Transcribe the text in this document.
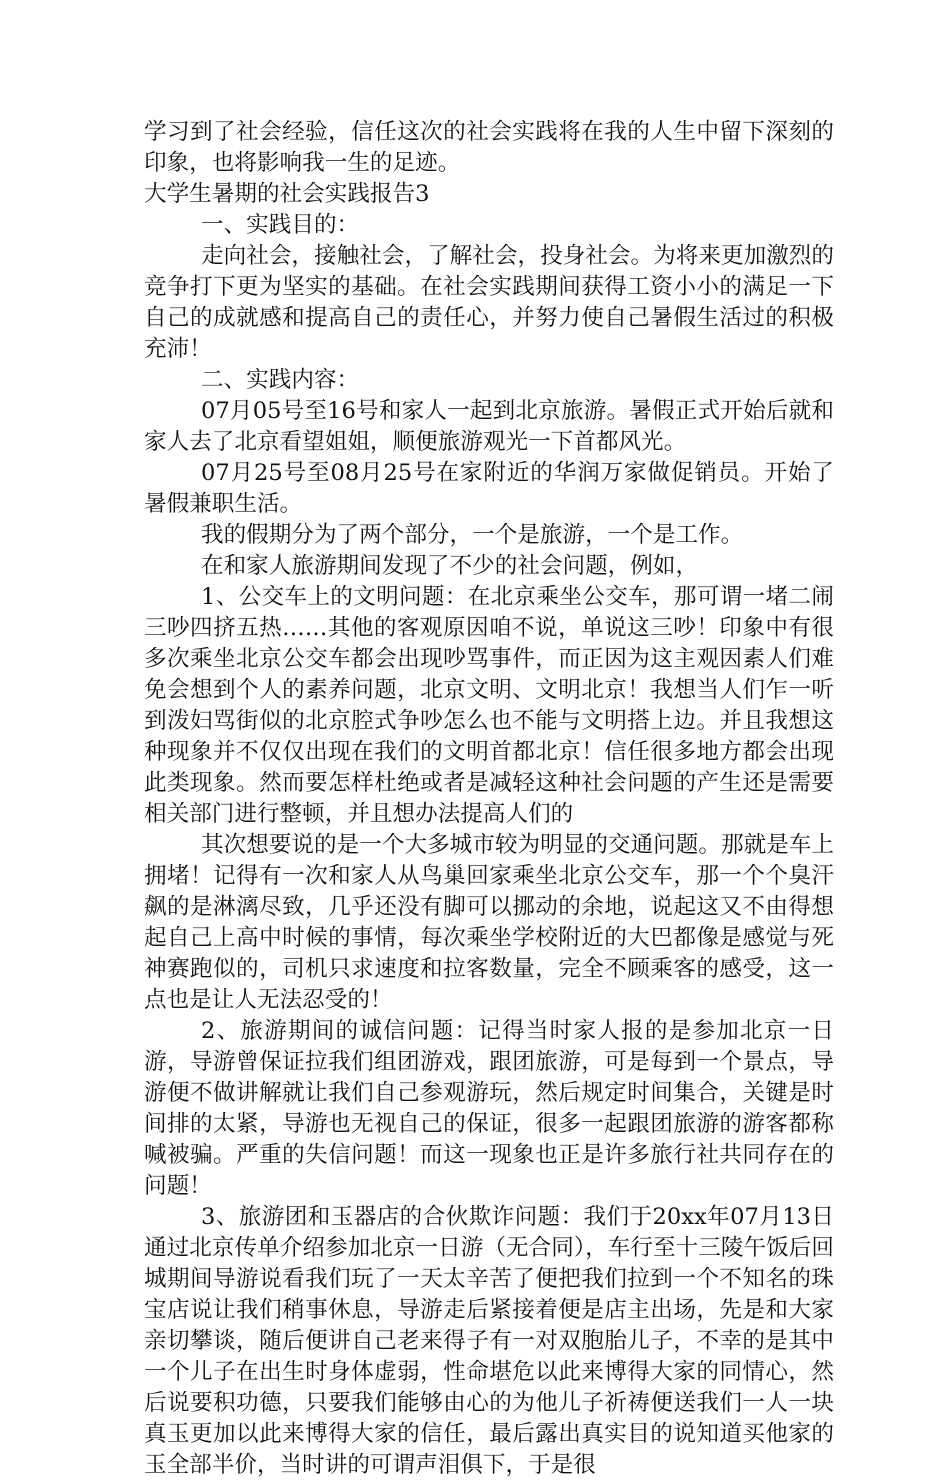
学习到了社会经验，信任这次的社会实践将在我的人生中留下深刻的印象，也将影响我一生的足迹。

大学生暑期的社会实践报告3

一、实践目的：

走向社会，接触社会，了解社会，投身社会。为将来更加激烈的竞争打下更为坚实的基础。在社会实践期间获得工资小小的满足一下自己的成就感和提高自己的责任心，并努力使自己暑假生活过的积极充沛！

二、实践内容：

07月05号至16号和家人一起到北京旅游。暑假正式开始后就和家人去了北京看望姐姐，顺便旅游观光一下首都风光。

07月25号至08月25号在家附近的华润万家做促销员。开始了暑假兼职生活。

我的假期分为了两个部分，一个是旅游，一个是工作。

在和家人旅游期间发现了不少的社会问题，例如，

1、公交车上的文明问题：在北京乘坐公交车，那可谓一堵二闹三吵四挤五热……其他的客观原因咱不说，单说这三吵！印象中有很多次乘坐北京公交车都会出现吵骂事件，而正因为这主观因素人们难免会想到个人的素养问题，北京文明、文明北京！我想当人们乍一听到泼妇骂街似的北京腔式争吵怎么也不能与文明搭上边。并且我想这种现象并不仅仅出现在我们的文明首都北京！信任很多地方都会出现此类现象。然而要怎样杜绝或者是减轻这种社会问题的产生还是需要相关部门进行整顿，并且想办法提高人们的

其次想要说的是一个大多城市较为明显的交通问题。那就是车上拥堵！记得有一次和家人从鸟巢回家乘坐北京公交车，那一个个臭汗飙的是淋漓尽致，几乎还没有脚可以挪动的余地，说起这又不由得想起自己上高中时候的事情，每次乘坐学校附近的大巴都像是感觉与死神赛跑似的，司机只求速度和拉客数量，完全不顾乘客的感受，这一点也是让人无法忍受的！

2、旅游期间的诚信问题：记得当时家人报的是参加北京一日游，导游曾保证拉我们组团游戏，跟团旅游，可是每到一个景点，导游便不做讲解就让我们自己参观游玩，然后规定时间集合，关键是时间排的太紧，导游也无视自己的保证，很多一起跟团旅游的游客都称喊被骗。严重的失信问题！而这一现象也正是许多旅行社共同存在的问题！

3、旅游团和玉器店的合伙欺诈问题：我们于20xx年07月13日通过北京传单介绍参加北京一日游（无合同），车行至十三陵午饭后回城期间导游说看我们玩了一天太辛苦了便把我们拉到一个不知名的珠宝店说让我们稍事休息，导游走后紧接着便是店主出场，先是和大家亲切攀谈，随后便讲自己老来得子有一对双胞胎儿子，不幸的是其中一个儿子在出生时身体虚弱，性命堪危以此来博得大家的同情心，然后说要积功德，只要我们能够由心的为他儿子祈祷便送我们一人一块真玉更加以此来博得大家的信任，最后露出真实目的说知道买他家的玉全部半价，当时讲的可谓声泪俱下，于是很
